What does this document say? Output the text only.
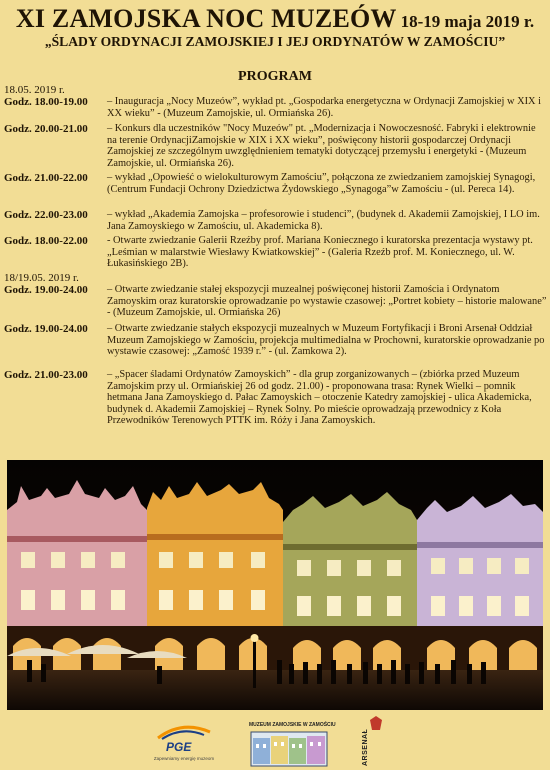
XI ZAMOJSKA NOC MUZEÓW 18-19 maja 2019 r.
„ŚLADY ORDYNACJI ZAMOJSKIEJ I JEJ ORDYNATÓW W ZAMOŚCIU”
PROGRAM
18.05. 2019 r.
Godz. 18.00-19.00 – Inauguracja „Nocy Muzeów”, wykład pt. „Gospodarka energetyczna w Ordynacji Zamojskiej w XIX i XX wieku” - (Muzeum Zamojskie, ul. Ormiańska 26).
Godz. 20.00-21.00 – Konkurs dla uczestników "Nocy Muzeów" pt. „Modernizacja i Nowoczesność. Fabryki i elektrownie na terenie OrdynacjiZamojskie w XIX i XX wieku”, poświęcony historii gospodarczej Ordynacji Zamojskiej ze szczególnym uwzględnieniem tematyki dotyczącej przemysłu i energetyki - (Muzeum Zamojskie, ul. Ormiańska 26).
Godz. 21.00-22.00 – wykład „Opowieść o wielokulturowym Zamościu”, połączona ze zwiedzaniem zamojskiej Synagogi, (Centrum Fundacji Ochrony Dziedzictwa Żydowskiego „Synagoga”w Zamościu - (ul. Pereca 14).
Godz. 22.00-23.00 – wykład „Akademia Zamojska – profesorowie i studenci”, (budynek d. Akademii Zamojskiej, I LO im. Jana Zamoyskiego w Zamościu, ul. Akademicka 8).
Godz. 18.00-22.00 - Otwarte zwiedzanie Galerii Rzeźby prof. Mariana Koniecznego i kuratorska prezentacja wystawy pt. „Leśmian w malarstwie Wiesławy Kwiatkowskiej” - (Galeria Rzeźb prof. M. Koniecznego, ul. W. Łukasińskiego 2B).
18/19.05. 2019 r.
Godz. 19.00-24.00 – Otwarte zwiedzanie stałej ekspozycji muzealnej poświęconej historii Zamościa i Ordynatom Zamoyskim oraz kuratorskie oprowadzanie po wystawie czasowej: „Portret kobiety – historie malowane” - (Muzeum Zamojskie, ul. Ormiańska 26)
Godz. 19.00-24.00 – Otwarte zwiedzanie stałych ekspozycji muzealnych w Muzeum Fortyfikacji i Broni Arsenał Oddział Muzeum Zamojskiego w Zamościu, projekcja multimedialna w Prochowni, kuratorskie oprowadzanie po wystawie czasowej: „Zamość 1939 r.” - (ul. Zamkowa 2).
Godz. 21.00-23.00 – „Spacer śladami Ordynatów Zamoyskich” - dla grup zorganizowanych – (zbiórka przed Muzeum Zamojskim przy ul. Ormiańskiej 26 od godz. 21.00) - proponowana trasa: Rynek Wielki – pomnik hetmana Jana Zamoyskiego d. Pałac Zamoyskich – otoczenie Katedry zamojskiej - ulica Akademicka, budynek d. Akademii Zamojskiej – Rynek Solny. Po mieście oprowadzają przewodnicy z Koła Przewodników Terenowych PTTK im. Róży i Jana Zamoyskich.
PGE
Zapewniamy energię muzeom
MUZEUM ZAMOJSKIE W ZAMOŚCIU
ARSENAŁ
